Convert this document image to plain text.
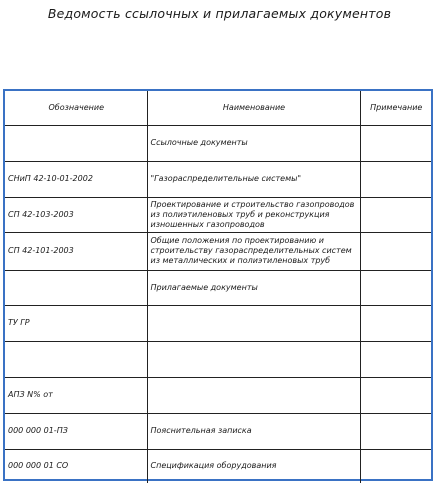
Ведомость ссылочных и прилагаемых документов
Обозначение	Наименование	Примечание
	Ссылочные документы	
СНиП 42-10-01-2002	"Газораспределительные системы"	
СП 42-103-2003	Проектирование и строительство газопроводов из полиэтиленовых труб и реконструкция изношенных газопроводов	
СП 42-101-2003	Общие положения по проектированию и строительству газораспределительных систем из металлических и полиэтиленовых труб	
	Прилагаемые документы	
ТУ ГР		

АПЗ N% от		
000 000 01-ПЗ	Пояснительная записка	
000 000 01 СО	Спецификация оборудования	
